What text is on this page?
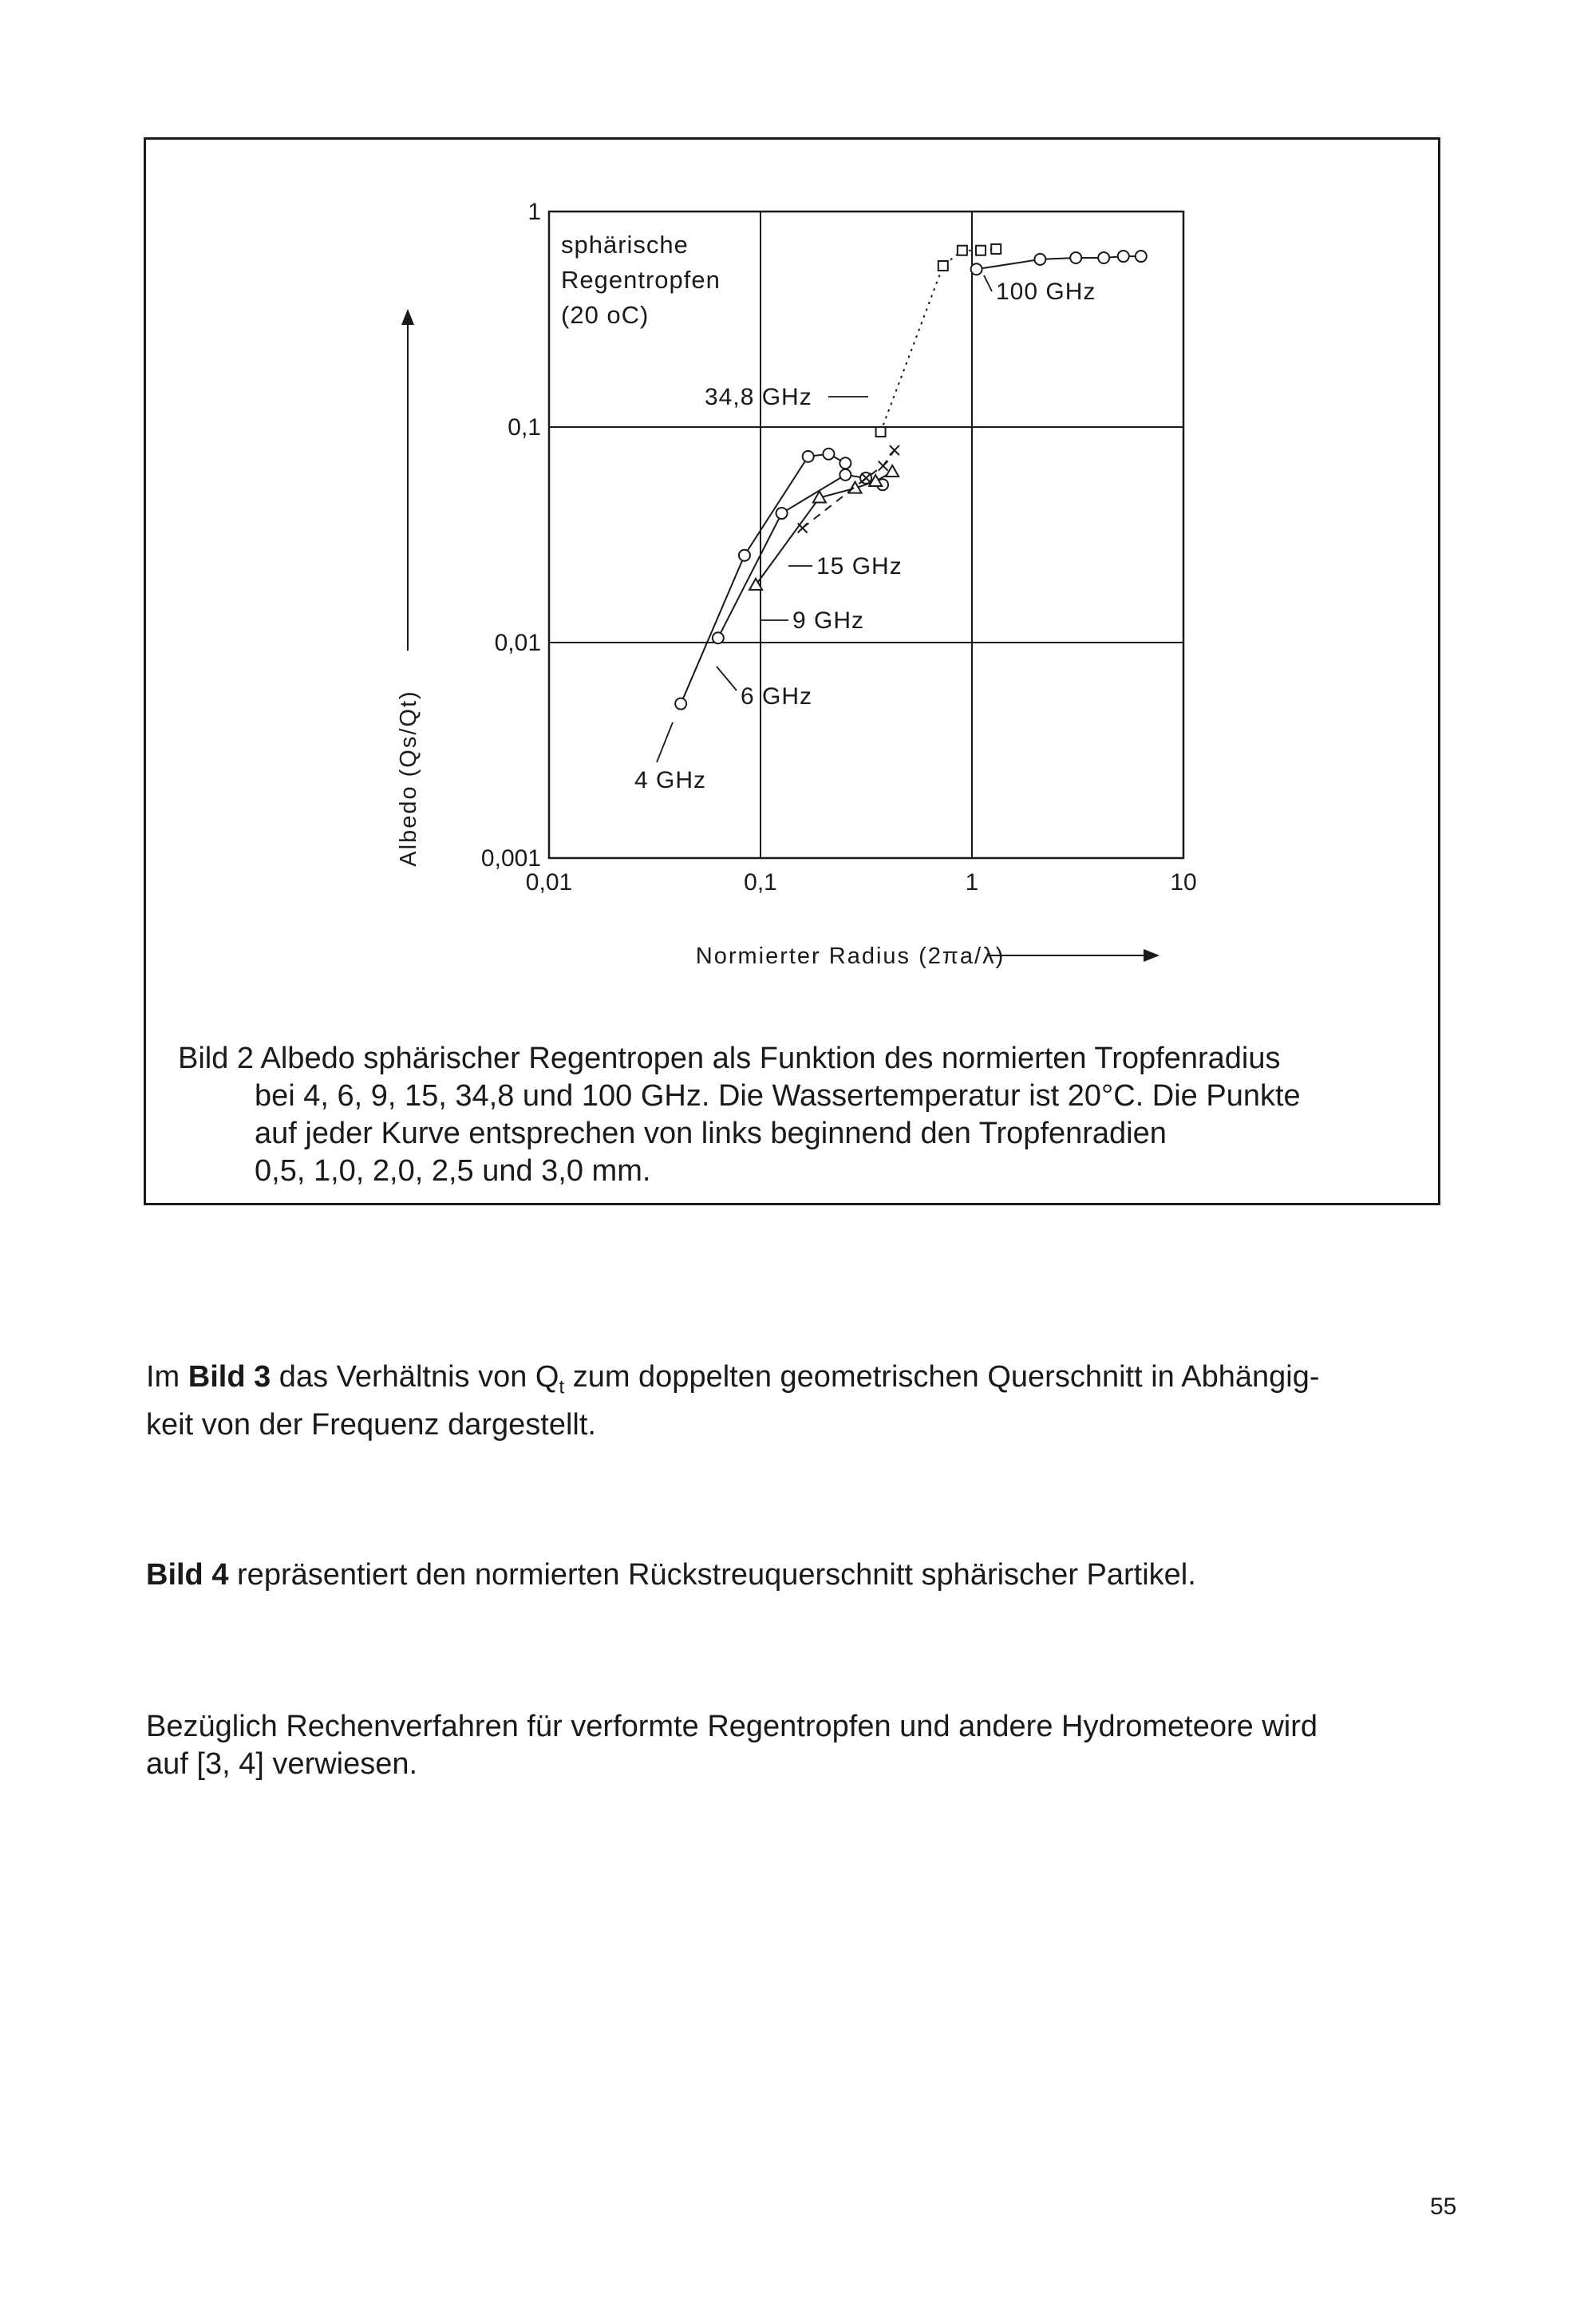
0,01	0,1	1	10
0,001
0,01
0,1
1
sphärische
Regentropfen
(20 oC)
Normierter Radius (2πa/λ)
Albedo (Qs/Qt)	4 GHz
6 GHz
9 GHz
15 GHz
34,8 GHz
100 GHz
Bild 2 Albedo sphärischer Regentropen als Funktion des normierten Tropfenradius
bei 4, 6, 9, 15, 34,8 und 100 GHz. Die Wassertemperatur ist 20°C. Die Punkte
auf jeder Kurve entsprechen von links beginnend den Tropfenradien
0,5, 1,0, 2,0, 2,5 und 3,0 mm.
Im Bild 3 das Verhältnis von $Q_t$ zum doppelten geometrischen Querschnitt in Abhängig-
keit von der Frequenz dargestellt.
Bild 4 repräsentiert den normierten Rückstreuquerschnitt sphärischer Partikel.
Bezüglich Rechenverfahren für verformte Regentropfen und andere Hydrometeore wird
auf [3, 4] verwiesen.
55
